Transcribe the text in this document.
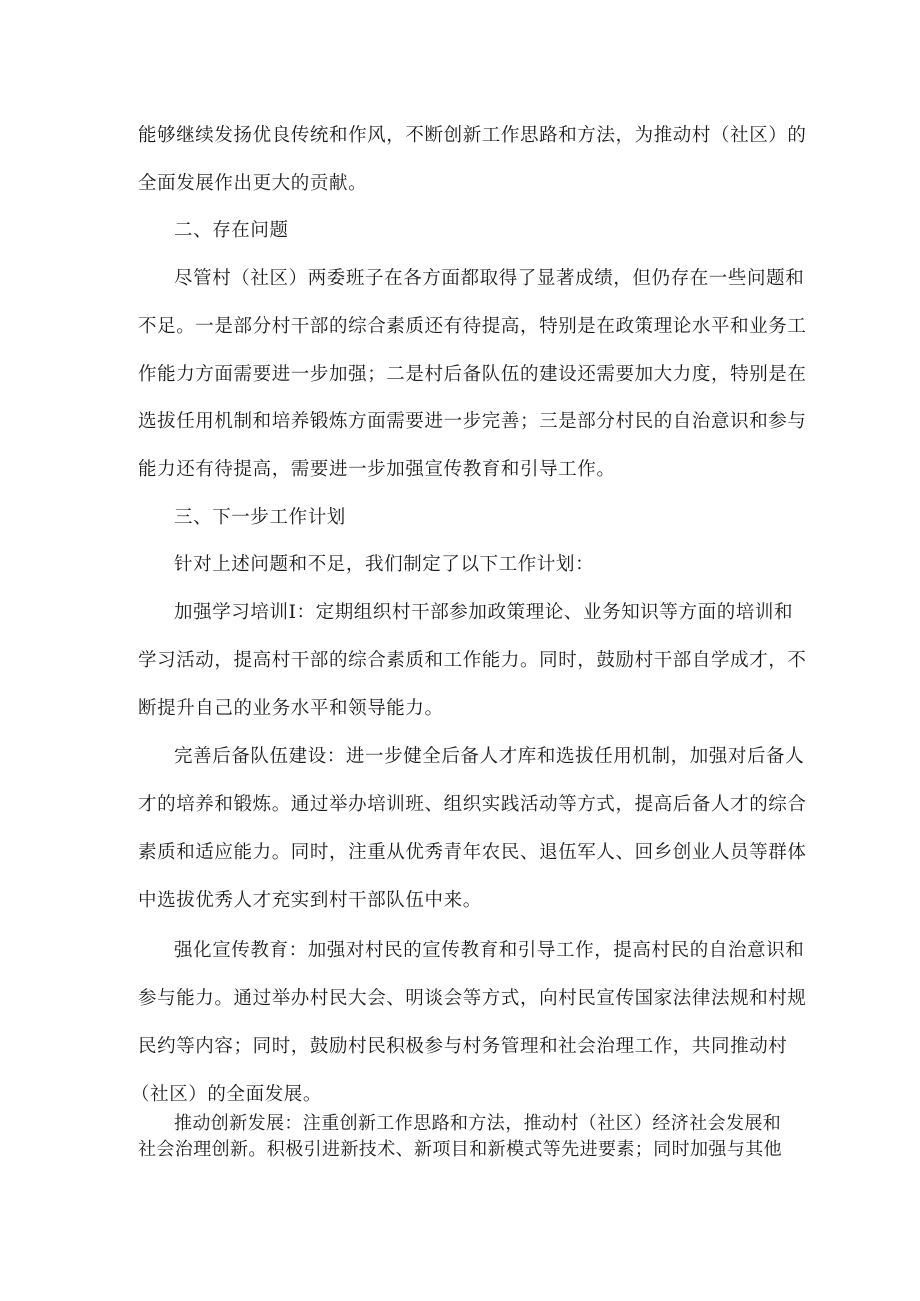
能够继续发扬优良传统和作风，不断创新工作思路和方法，为推动村（社区）的

全面发展作出更大的贡献。

二、存在问题

尽管村（社区）两委班子在各方面都取得了显著成绩，但仍存在一些问题和

不足。一是部分村干部的综合素质还有待提高，特别是在政策理论水平和业务工

作能力方面需要进一步加强；二是村后备队伍的建设还需要加大力度，特别是在

选拔任用机制和培养锻炼方面需要进一步完善；三是部分村民的自治意识和参与

能力还有待提高，需要进一步加强宣传教育和引导工作。

三、下一步工作计划

针对上述问题和不足，我们制定了以下工作计划：

加强学习培训I：定期组织村干部参加政策理论、业务知识等方面的培训和

学习活动，提高村干部的综合素质和工作能力。同时，鼓励村干部自学成才，不

断提升自己的业务水平和领导能力。

完善后备队伍建设：进一步健全后备人才库和选拔任用机制，加强对后备人

才的培养和锻炼。通过举办培训班、组织实践活动等方式，提高后备人才的综合

素质和适应能力。同时，注重从优秀青年农民、退伍军人、回乡创业人员等群体

中选拔优秀人才充实到村干部队伍中来。

强化宣传教育：加强对村民的宣传教育和引导工作，提高村民的自治意识和

参与能力。通过举办村民大会、明谈会等方式，向村民宣传国家法律法规和村规

民约等内容；同时，鼓励村民积极参与村务管理和社会治理工作，共同推动村

（社区）的全面发展。

推动创新发展：注重创新工作思路和方法，推动村（社区）经济社会发展和

社会治理创新。积极引进新技术、新项目和新模式等先进要素；同时加强与其他
